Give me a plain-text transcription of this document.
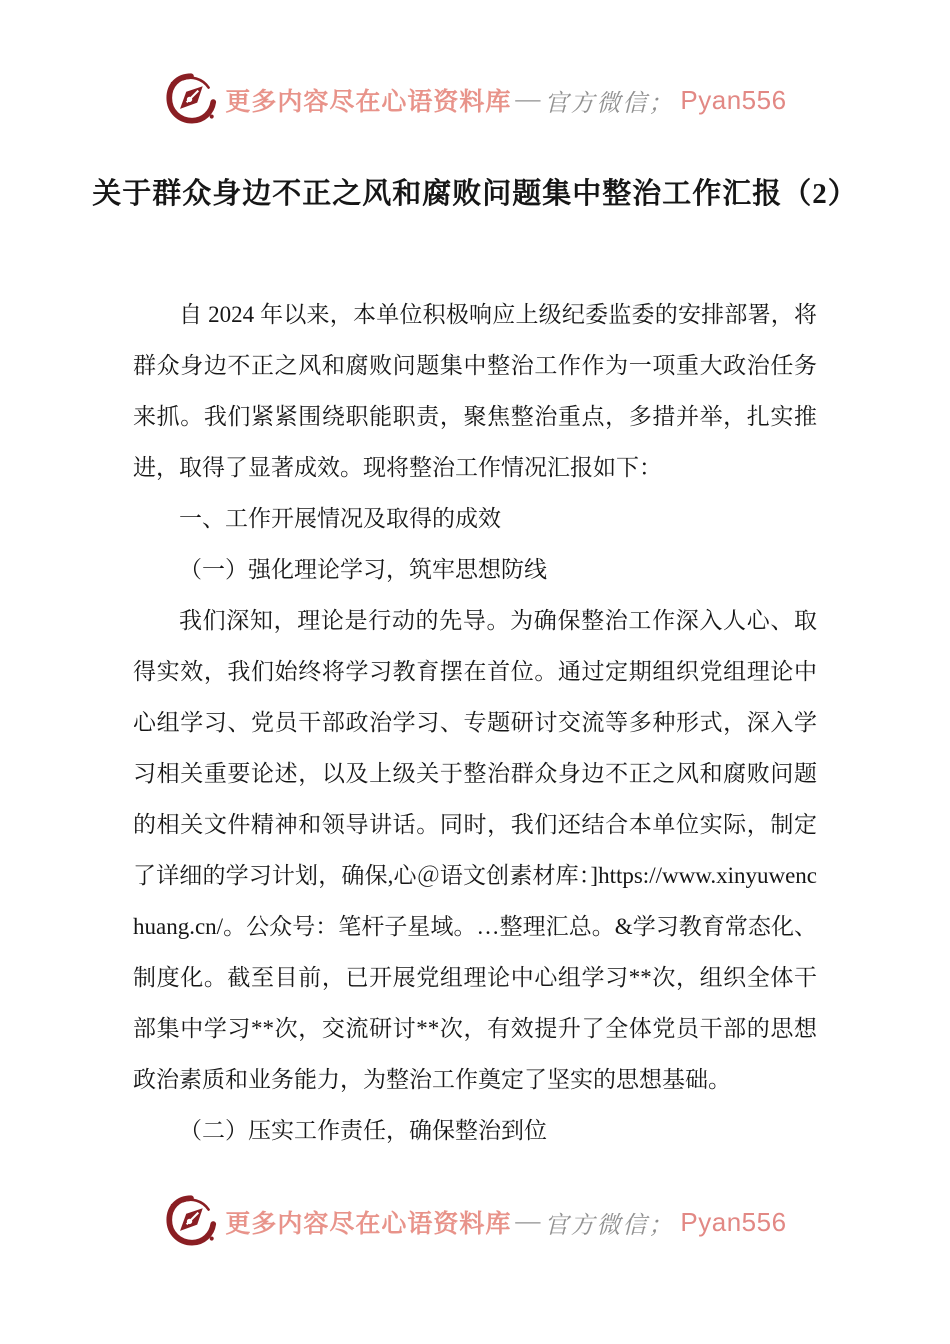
更多内容尽在心语资料库 — 官方微信； Pyan556
关于群众身边不正之风和腐败问题集中整治工作汇报（2）

自 2024 年以来，本单位积极响应上级纪委监委的安排部署，将群众身边不正之风和腐败问题集中整治工作作为一项重大政治任务来抓。我们紧紧围绕职能职责，聚焦整治重点，多措并举，扎实推进，取得了显著成效。现将整治工作情况汇报如下：

一、工作开展情况及取得的成效

（一）强化理论学习，筑牢思想防线

我们深知，理论是行动的先导。为确保整治工作深入人心、取得实效，我们始终将学习教育摆在首位。通过定期组织党组理论中心组学习、党员干部政治学习、专题研讨交流等多种形式，深入学习相关重要论述，以及上级关于整治群众身边不正之风和腐败问题的相关文件精神和领导讲话。同时，我们还结合本单位实际，制定了详细的学习计划，确保,心＠语文创素材库：]https://www.xinyuwenchuang.cn/。公众号：笔杆子星域。…整理汇总。&学习教育常态化、制度化。截至目前，已开展党组理论中心组学习**次，组织全体干部集中学习**次，交流研讨**次，有效提升了全体党员干部的思想政治素质和业务能力，为整治工作奠定了坚实的思想基础。

（二）压实工作责任，确保整治到位

更多内容尽在心语资料库 — 官方微信； Pyan556
